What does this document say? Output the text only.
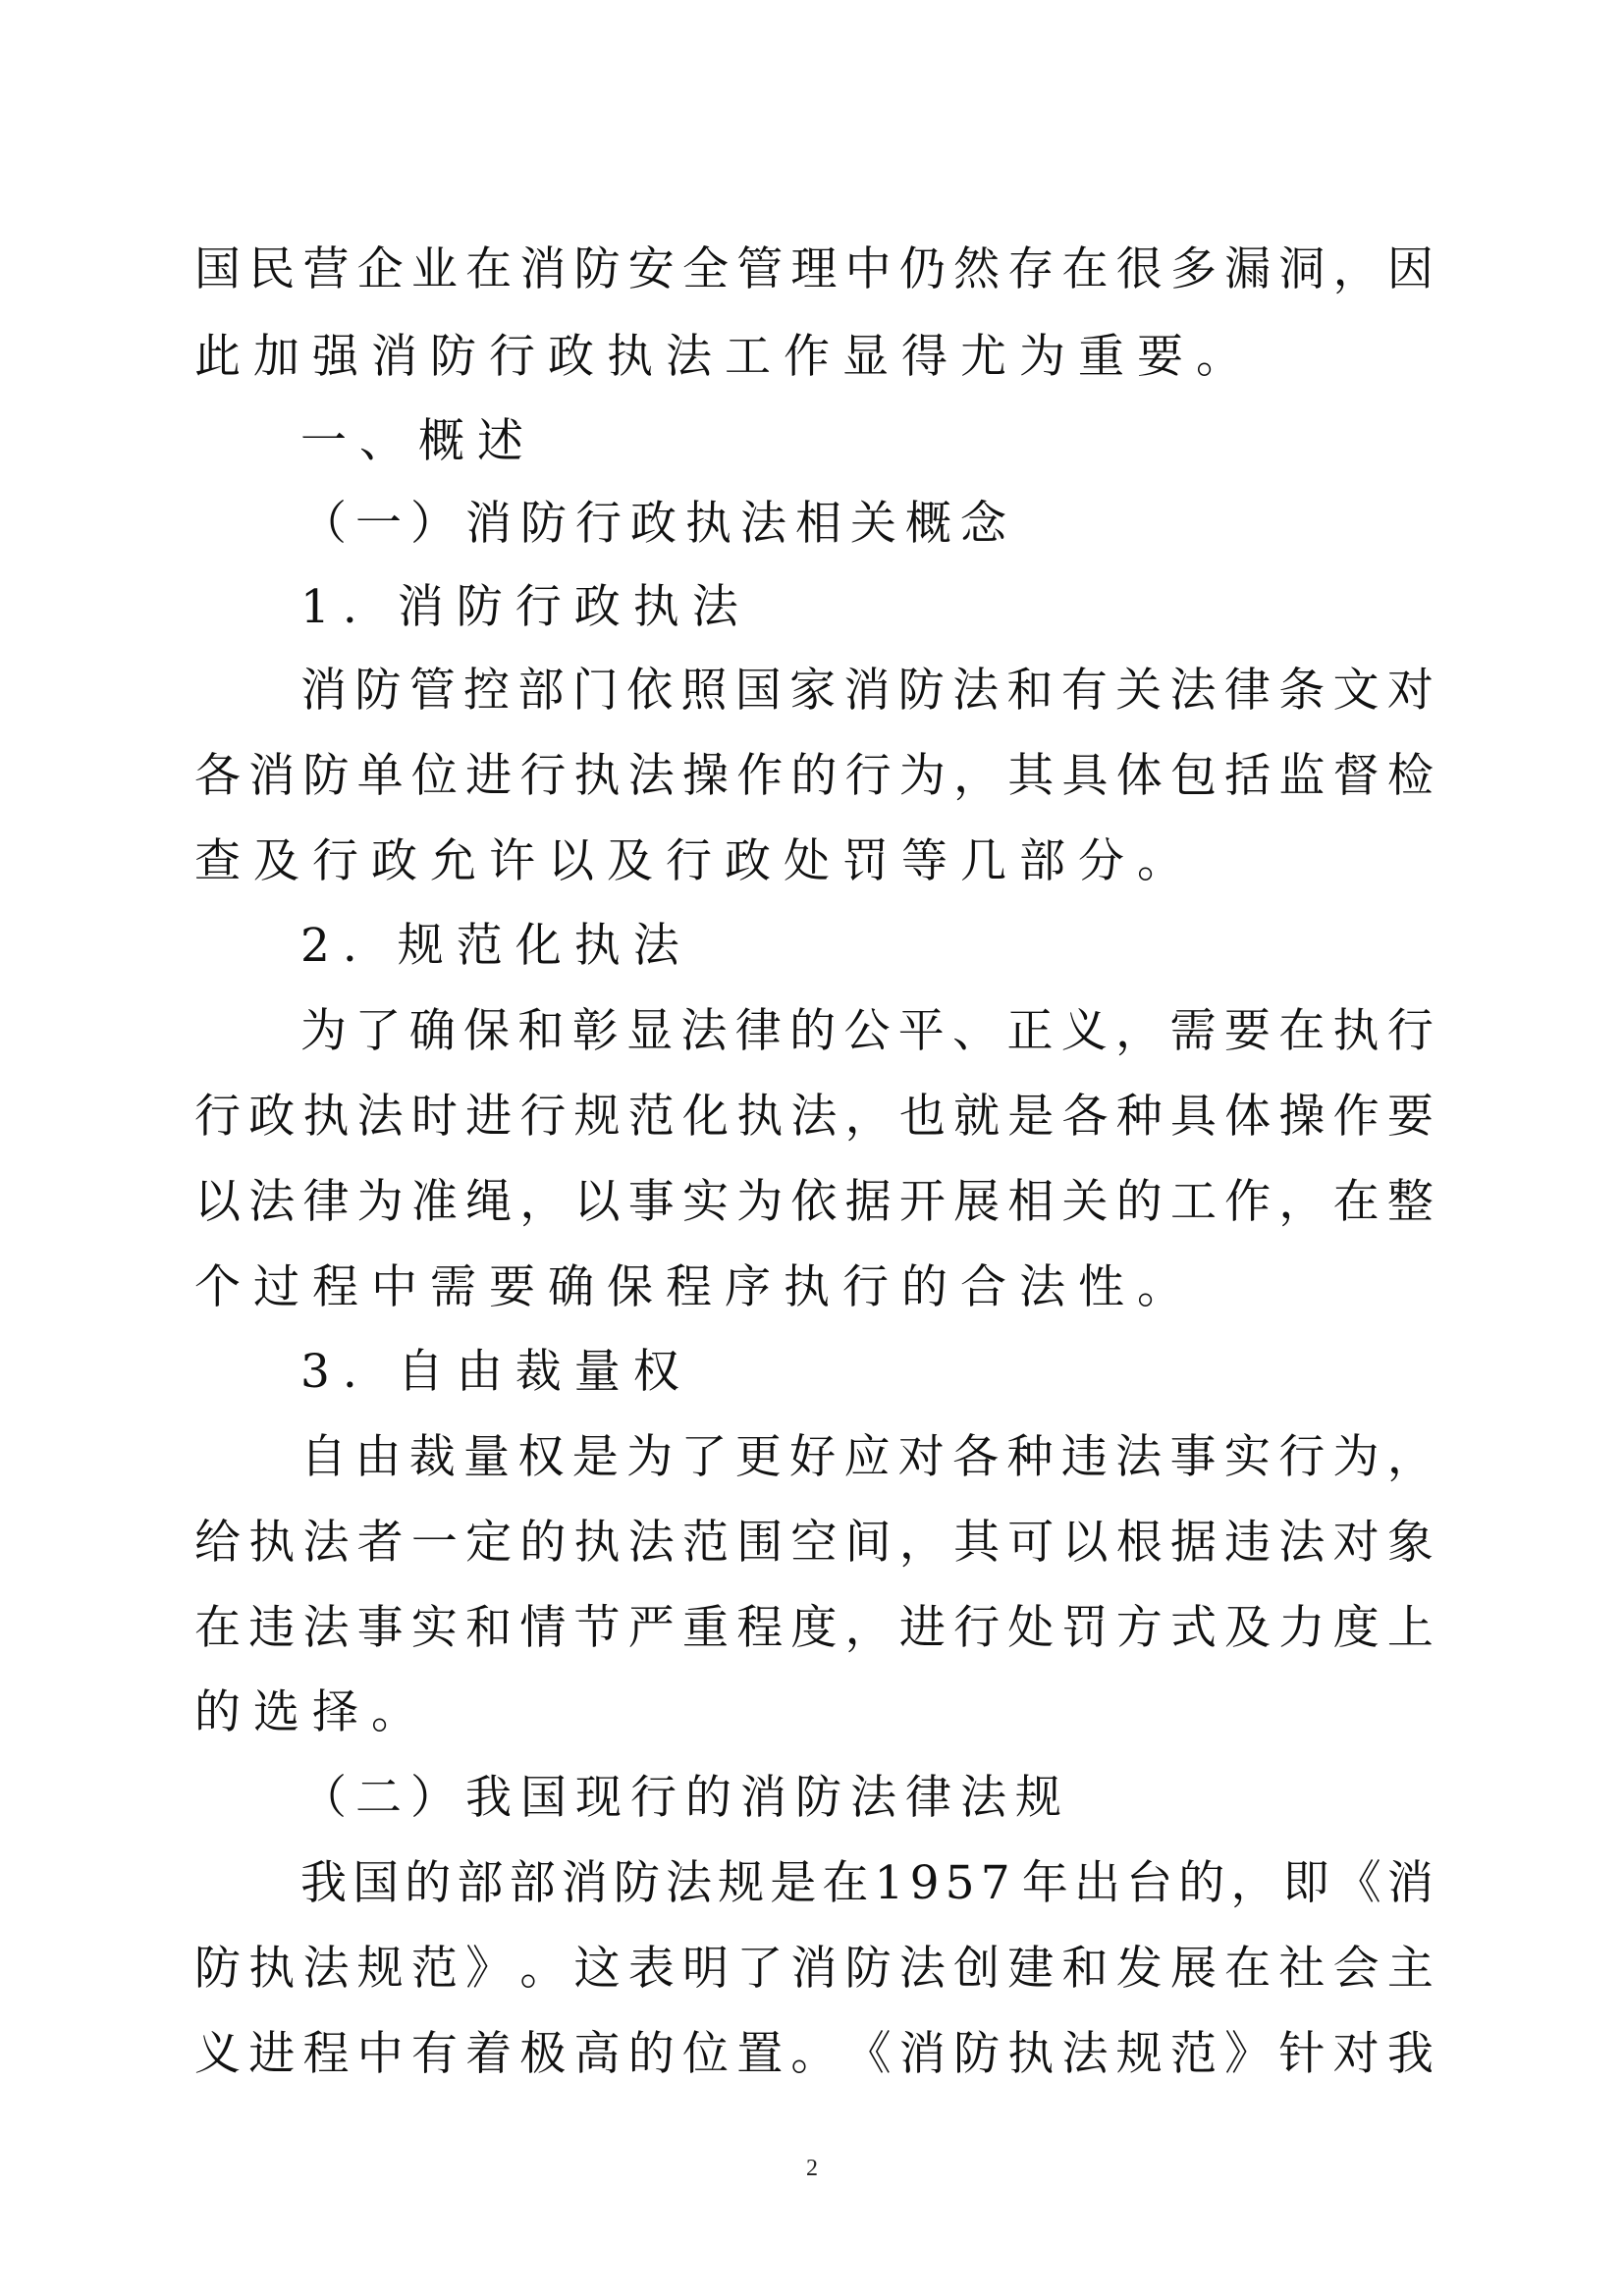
国 民 营 企 业 在 消 防 安 全 管 理 中 仍 然 存 在 很 多 漏 洞 ， 因
此加强消防行政执法工作显得尤为重要。
一、概述
（一）消防行政执法相关概念
1. 消防行政执法
消 防 管 控 部 门 依 照 国 家 消 防 法 和 有 关 法 律 条 文 对
各 消 防 单 位 进 行 执 法 操 作 的 行 为 ， 其 具 体 包 括 监 督 检
查及行政允许以及行政处罚等几部分。
2. 规范化执法
为 了 确 保 和 彰 显 法 律 的 公 平 、 正 义 ， 需 要 在 执 行
行 政 执 法 时 进 行 规 范 化 执 法 ， 也 就 是 各 种 具 体 操 作 要
以 法 律 为 准 绳 ， 以 事 实 为 依 据 开 展 相 关 的 工 作 ， 在 整
个过程中需要确保程序执行的合法性。
3. 自由裁量权
自 由 裁 量 权 是 为 了 更 好 应 对 各 种 违 法 事 实 行 为 ，
给 执 法 者 一 定 的 执 法 范 围 空 间 ， 其 可 以 根 据 违 法 对 象
在 违 法 事 实 和 情 节 严 重 程 度 ， 进 行 处 罚 方 式 及 力 度 上
的选择。
（二）我国现行的消防法律法规
我 国 的 部 部 消 防 法 规 是 在 1 9 5 7 年 出 台 的 ， 即 《 消
防 执 法 规 范 》 。 这 表 明 了 消 防 法 创 建 和 发 展 在 社 会 主
义 进 程 中 有 着 极 高 的 位 置 。 《 消 防 执 法 规 范 》 针 对 我
2
